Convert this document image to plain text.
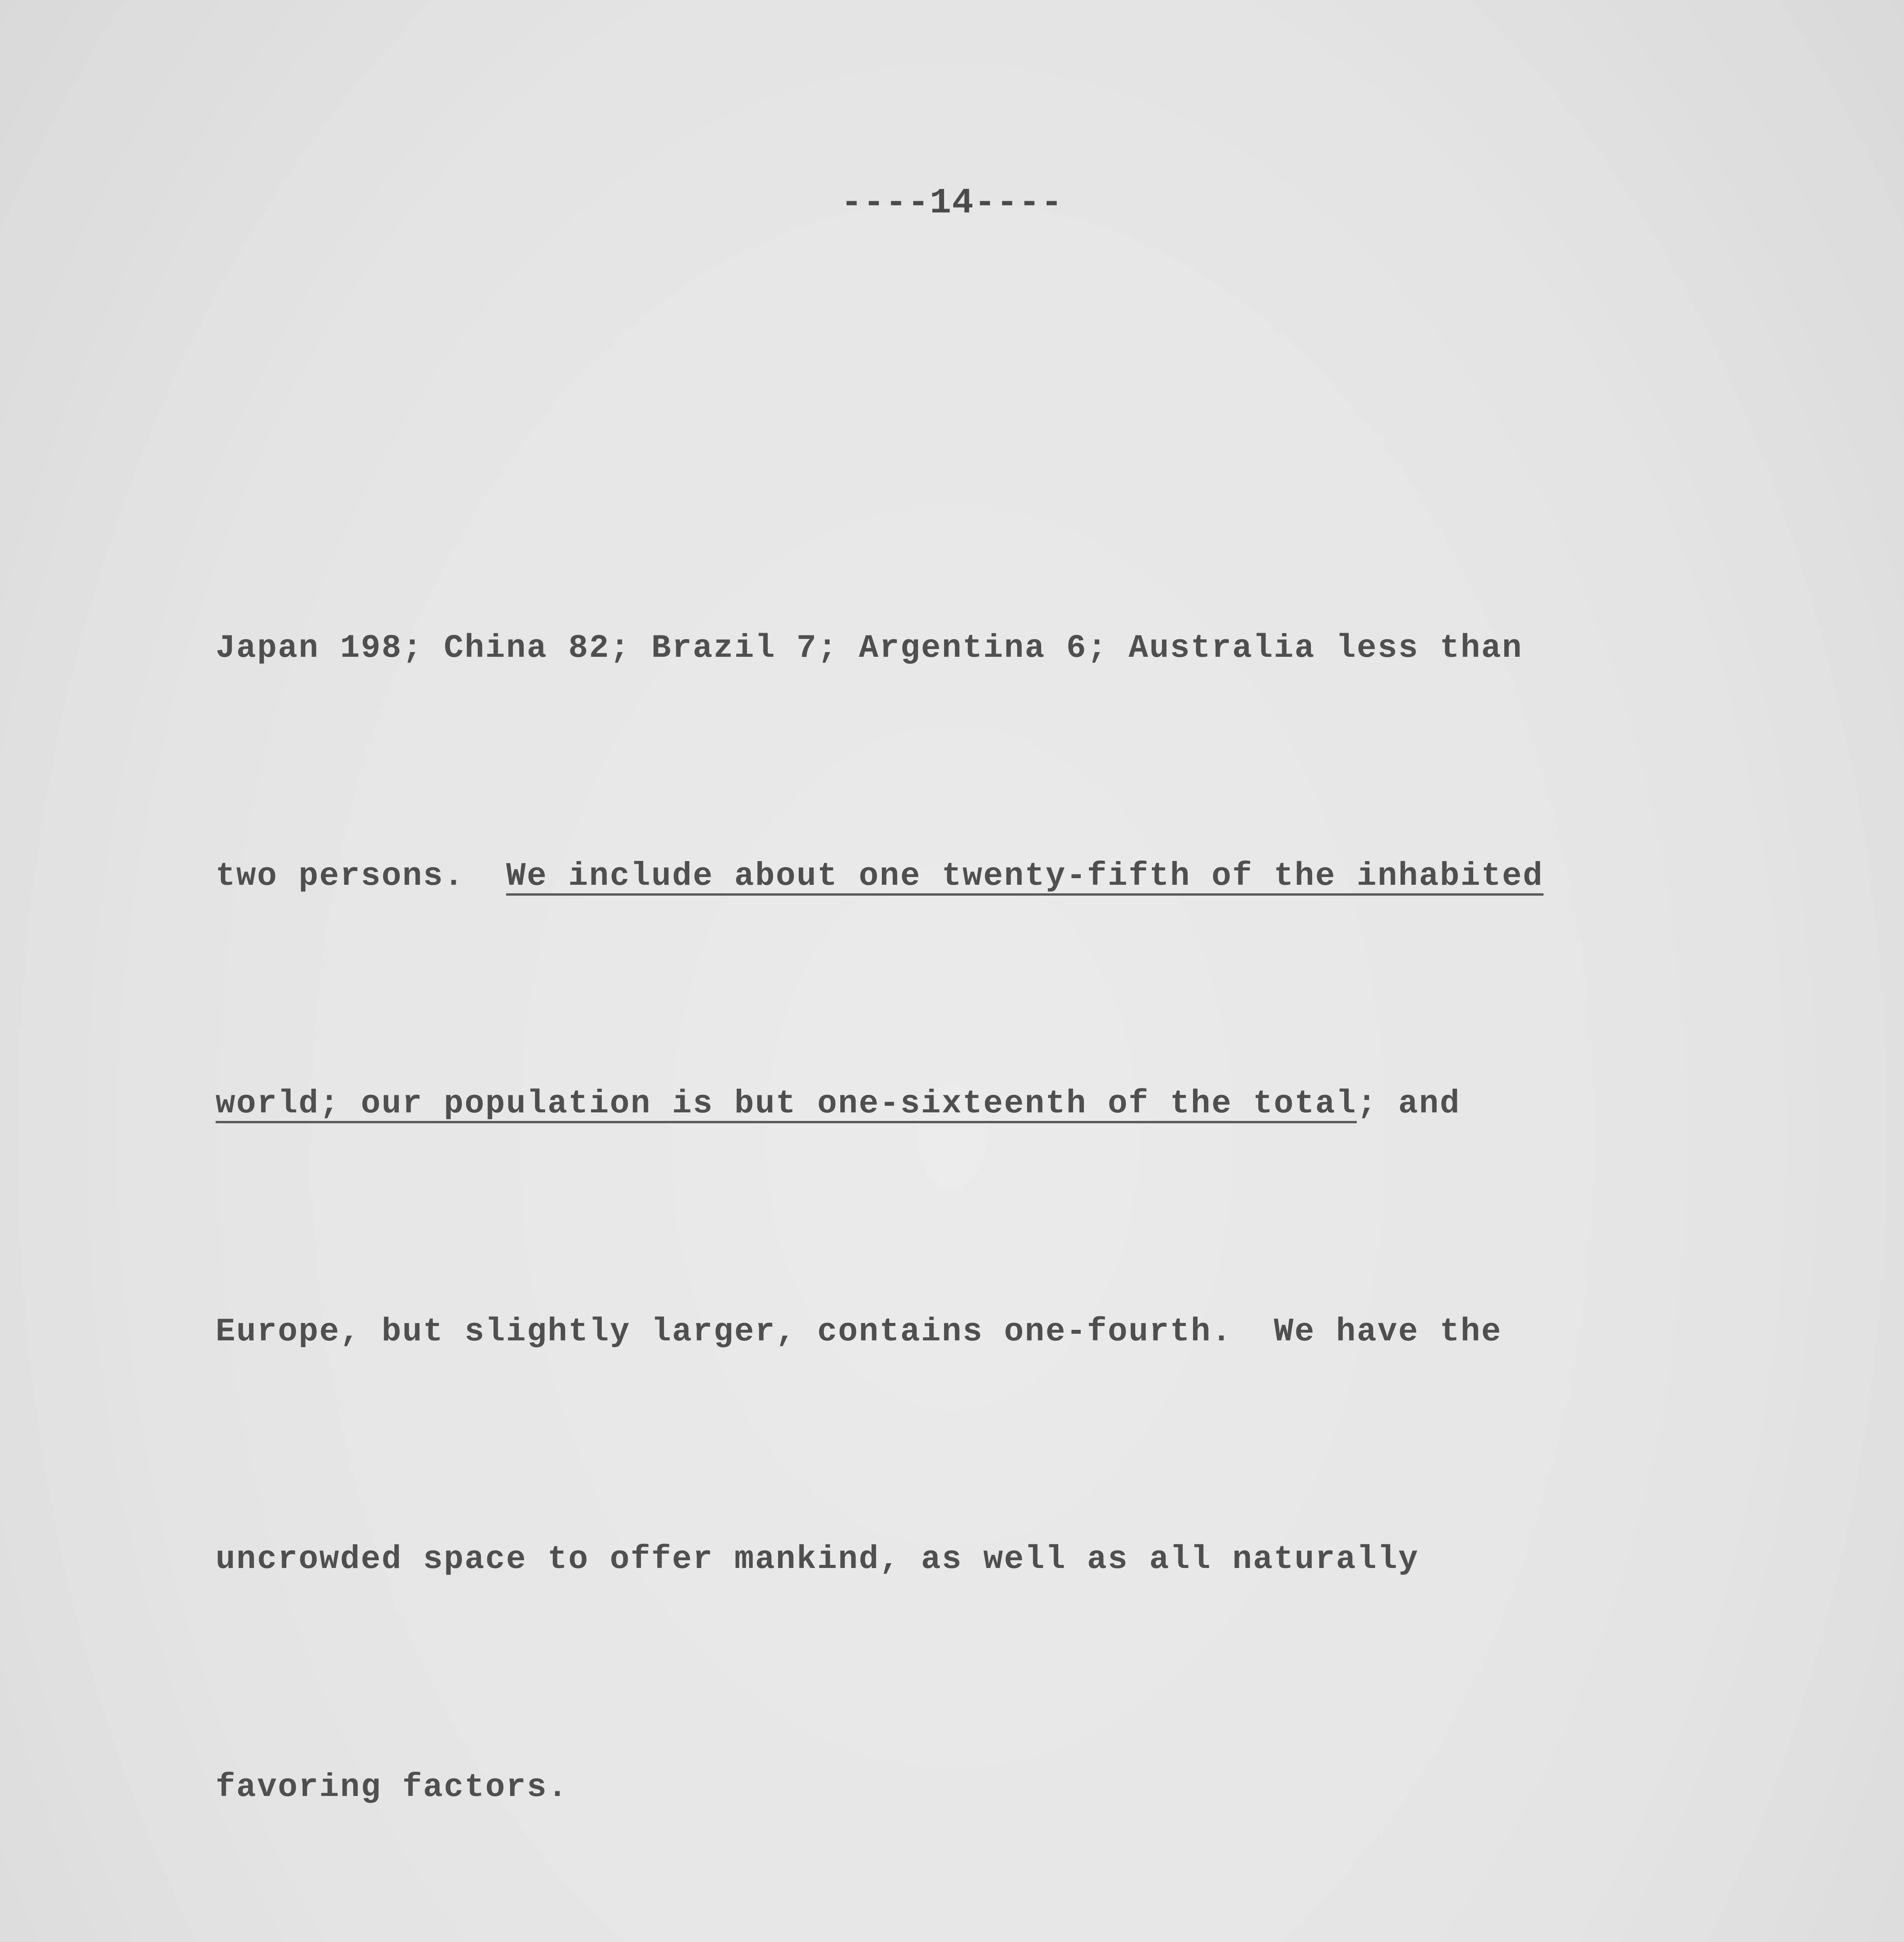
----14----

Japan 198; China 82; Brazil 7; Argentina 6; Australia less than

two persons.  We include about one twenty-fifth of the inhabited

world; our population is but one-sixteenth of the total; and

Europe, but slightly larger, contains one-fourth.  We have the

uncrowded space to offer mankind, as well as all naturally

favoring factors.
